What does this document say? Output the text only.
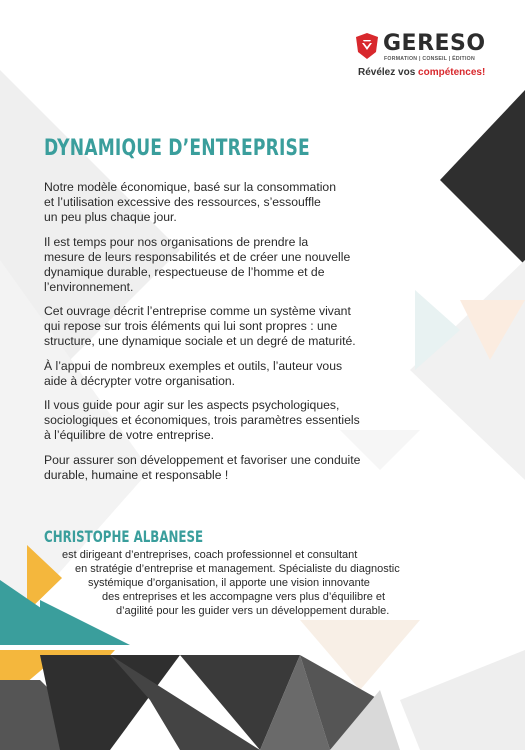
GERESO
FORMATION | CONSEIL | ÉDITION
Révélez vos compétences!
DYNAMIQUE D’ENTREPRISE

Notre modèle économique, basé sur la consommation
et l’utilisation excessive des ressources, s’essouffle
un peu plus chaque jour.

Il est temps pour nos organisations de prendre la
mesure de leurs responsabilités et de créer une nouvelle
dynamique durable, respectueuse de l’homme et de
l’environnement.

Cet ouvrage décrit l’entreprise comme un système vivant
qui repose sur trois éléments qui lui sont propres : une
structure, une dynamique sociale et un degré de maturité.

À l’appui de nombreux exemples et outils, l’auteur vous
aide à décrypter votre organisation.

Il vous guide pour agir sur les aspects psychologiques,
sociologiques et économiques, trois paramètres essentiels
à l’équilibre de votre entreprise.

Pour assurer son développement et favoriser une conduite
durable, humaine et responsable !

CHRISTOPHE ALBANESE
est dirigeant d’entreprises, coach professionnel et consultant
en stratégie d’entreprise et management. Spécialiste du diagnostic
systémique d’organisation, il apporte une vision innovante
des entreprises et les accompagne vers plus d’équilibre et
d’agilité pour les guider vers un développement durable.
